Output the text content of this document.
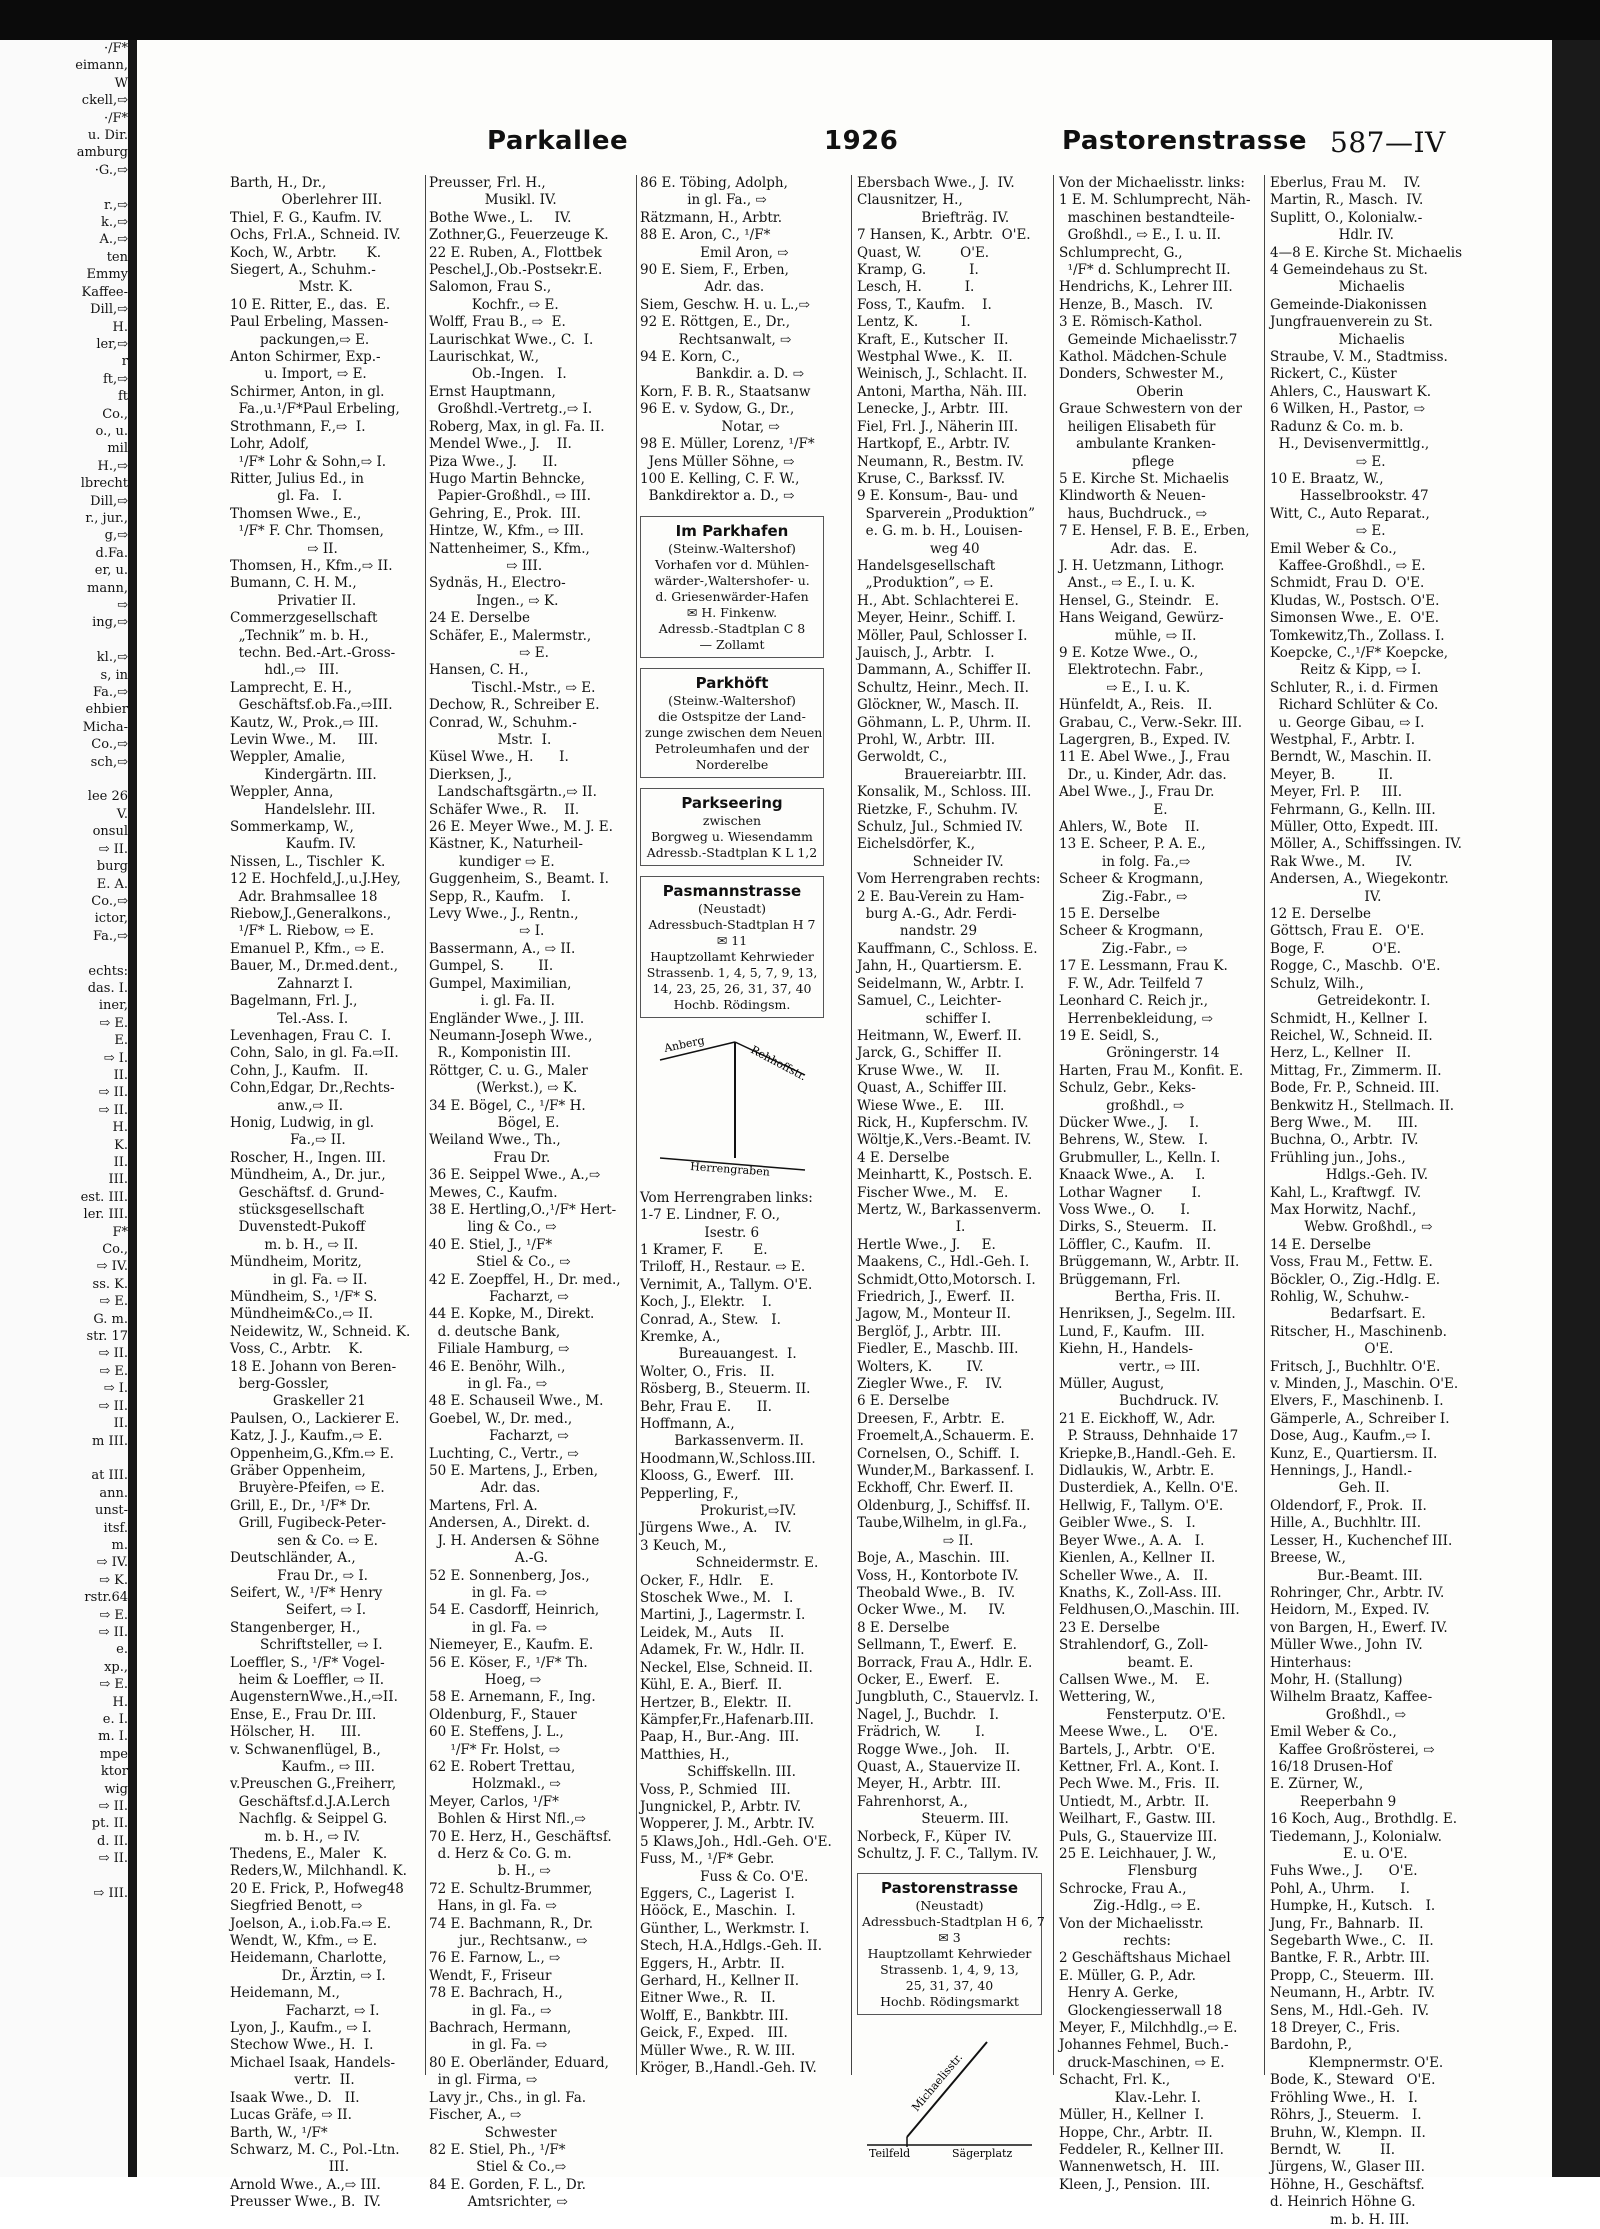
·/F*
eimann,
W
ckell,⇨
·/F*
u. Dir.
amburg
·G.,⇨

r.,⇨
k.,⇨
A.,⇨
ten
Emmy
Kaffee-
Dill,⇨
H.
ler,⇨
r
ft,⇨
ft
Co.,
o., u.
mil
H.,⇨
lbrecht
Dill,⇨
r., jur.,
g,⇨
d.Fa.
er, u.
mann,
⇨
ing,⇨

kl.,⇨
s, in
Fa.,⇨
ehbier
Micha-
Co.,⇨
sch,⇨

lee 26
V.
onsul
⇨ II.
burg
E. A.
Co.,⇨
ictor,
Fa.,⇨

echts:
das. I.
iner,
⇨ E.
E.
⇨ I.
II.
⇨ II.
⇨ II.
H.
K.
II.
III.
est. III.
ler. III.
F*
Co.,
⇨ IV.
ss. K.
⇨ E.
G. m.
str. 17
⇨ II.
⇨ E.
⇨ I.
⇨ II.
II.
m III.

at III.
ann.
unst-
itsf.
m.
⇨ IV.
⇨ K.
rstr.64
⇨ E.
⇨ II.
e.
xp.,
⇨ E.
H.
e. I.
m. I.
mpe
ktor
wig
⇨ II.
pt. II.
d. II.
⇨ II.

⇨ III.
Parkallee	1926	Pastorenstrasse 587—IV
Barth, H., Dr.,
Oberlehrer III.
Thiel, F. G., Kaufm. IV.
Ochs, Frl.A., Schneid. IV.
Koch, W., Arbtr.       K.
Siegert, A., Schuhm.-
Mstr. K.
10 E. Ritter, E., das.  E.
Paul Erbeling, Massen-
packungen,⇨ E.
Anton Schirmer, Exp.-
u. Import, ⇨ E.
Schirmer, Anton, in gl.
Fa.,u.¹/F*Paul Erbeling,
Strothmann, F.,⇨  I.
Lohr, Adolf,
¹/F* Lohr & Sohn,⇨ I.
Ritter, Julius Ed., in
gl. Fa.   I.
Thomsen Wwe., E.,
¹/F* F. Chr. Thomsen,
⇨ II.
Thomsen, H., Kfm.,⇨ II.
Bumann, C. H. M.,
Privatier II.
Commerzgesellschaft
„Technik” m. b. H.,
techn. Bed.-Art.-Gross-
hdl.,⇨   III.
Lamprecht, E. H.,
Geschäftsf.ob.Fa.,⇨III.
Kautz, W., Prok.,⇨ III.
Levin Wwe., M.     III.
Weppler, Amalie,
Kindergärtn. III.
Weppler, Anna,
Handelslehr. III.
Sommerkamp, W.,
Kaufm. IV.
Nissen, L., Tischler  K.
12 E. Hochfeld,J.,u.J.Hey,
Adr. Brahmsallee 18
Riebow,J.,Generalkons.,
¹/F* L. Riebow, ⇨ E.
Emanuel P., Kfm., ⇨ E.
Bauer, M., Dr.med.dent.,
Zahnarzt I.
Bagelmann, Frl. J.,
Tel.-Ass. I.
Levenhagen, Frau C.  I.
Cohn, Salo, in gl. Fa.⇨II.
Cohn, J., Kaufm.   II.
Cohn,Edgar, Dr.,Rechts-
anw.,⇨ II.
Honig, Ludwig, in gl.
Fa.,⇨ II.
Roscher, H., Ingen. III.
Mündheim, A., Dr. jur.,
Geschäftsf. d. Grund-
stücksgesellschaft
Duvenstedt-Pukoff
m. b. H., ⇨ II.
Mündheim, Moritz,
in gl. Fa. ⇨ II.
Mündheim, S., ¹/F* S.
Mündheim&Co.,⇨ II.
Neidewitz, W., Schneid. K.
Voss, C., Arbtr.    K.
18 E. Johann von Beren-
berg-Gossler,
Graskeller 21
Paulsen, O., Lackierer E.
Katz, J. J., Kaufm.,⇨ E.
Oppenheim,G.,Kfm.⇨ E.
Gräber Oppenheim,
Bruyère-Pfeifen, ⇨ E.
Grill, E., Dr., ¹/F* Dr.
Grill, Fugibeck-Peter-
sen & Co. ⇨ E.
Deutschländer, A.,
Frau Dr., ⇨ I.
Seifert, W., ¹/F* Henry
Seifert, ⇨ I.
Stangenberger, H.,
Schriftsteller, ⇨ I.
Loeffler, S., ¹/F* Vogel-
heim & Loeffler, ⇨ II.
AugensternWwe.,H.,⇨II.
Ense, E., Frau Dr. III.
Hölscher, H.      III.
v. Schwanenflügel, B.,
Kaufm., ⇨ III.
v.Preuschen G.,Freiherr,
Geschäftsf.d.J.A.Lerch
Nachflg. & Seippel G.
m. b. H., ⇨ IV.
Thedens, E., Maler   K.
Reders,W., Milchhandl. K.
20 E. Frick, P., Hofweg48
Siegfried Benott, ⇨
Joelson, A., i.ob.Fa.⇨ E.
Wendt, W., Kfm., ⇨ E.
Heidemann, Charlotte,
Dr., Ärztin, ⇨ I.
Heidemann, M.,
Facharzt, ⇨ I.
Lyon, J., Kaufm., ⇨ I.
Stechow Wwe., H.  I.
Michael Isaak, Handels-
vertr.  II.
Isaak Wwe., D.   II.
Lucas Gräfe, ⇨ II.
Barth, W., ¹/F*
Schwarz, M. C., Pol.-Ltn.
III.
Arnold Wwe., A.,⇨ III.
Preusser Wwe., B.  IV.
Preusser, Frl. H.,
Musikl. IV.
Bothe Wwe., L.     IV.
Zothner,G., Feuerzeuge K.
22 E. Ruben, A., Flottbek
Peschel,J.,Ob.-Postsekr.E.
Salomon, Frau S.,
Kochfr., ⇨ E.
Wolff, Frau B., ⇨  E.
Laurischkat Wwe., C.  I.
Laurischkat, W.,
Ob.-Ingen.   I.
Ernst Hauptmann,
Großhdl.-Vertretg.,⇨ I.
Roberg, Max, in gl. Fa. II.
Mendel Wwe., J.    II.
Piza Wwe., J.      II.
Hugo Martin Behncke,
Papier-Großhdl., ⇨ III.
Gehring, E., Prok.  III.
Hintze, W., Kfm., ⇨ III.
Nattenheimer, S., Kfm.,
⇨ III.
Sydnäs, H., Electro-
Ingen., ⇨ K.
24 E. Derselbe
Schäfer, E., Malermstr.,
⇨ E.
Hansen, C. H.,
Tischl.-Mstr., ⇨ E.
Dechow, R., Schreiber E.
Conrad, W., Schuhm.-
Mstr.  I.
Küsel Wwe., H.      I.
Dierksen, J.,
Landschaftsgärtn.,⇨ II.
Schäfer Wwe., R.    II.
26 E. Meyer Wwe., M. J. E.
Kästner, K., Naturheil-
kundiger ⇨ E.
Guggenheim, S., Beamt. I.
Sepp, R., Kaufm.    I.
Levy Wwe., J., Rentn.,
⇨ I.
Bassermann, A., ⇨ II.
Gumpel, S.        II.
Gumpel, Maximilian,
i. gl. Fa. II.
Engländer Wwe., J. III.
Neumann-Joseph Wwe.,
R., Komponistin III.
Röttger, C. u. G., Maler
(Werkst.), ⇨ K.
34 E. Bögel, C., ¹/F* H.
Bögel, E.
Weiland Wwe., Th.,
Frau Dr.
36 E. Seippel Wwe., A.,⇨
Mewes, C., Kaufm.
38 E. Hertling,O.,¹/F* Hert-
ling & Co., ⇨
40 E. Stiel, J., ¹/F*
Stiel & Co., ⇨
42 E. Zoepffel, H., Dr. med.,
Facharzt, ⇨
44 E. Kopke, M., Direkt.
d. deutsche Bank,
Filiale Hamburg, ⇨
46 E. Benöhr, Wilh.,
in gl. Fa., ⇨
48 E. Schauseil Wwe., M.
Goebel, W., Dr. med.,
Facharzt, ⇨
Luchting, C., Vertr., ⇨
50 E. Martens, J., Erben,
Adr. das.
Martens, Frl. A.
Andersen, A., Direkt. d.
J. H. Andersen & Söhne
A.-G.
52 E. Sonnenberg, Jos.,
in gl. Fa. ⇨
54 E. Casdorff, Heinrich,
in gl. Fa. ⇨
Niemeyer, E., Kaufm. E.
56 E. Köser, F., ¹/F* Th.
Hoeg, ⇨
58 E. Arnemann, F., Ing.
Oldenburg, F., Stauer
60 E. Steffens, J. L.,
¹/F* Fr. Holst, ⇨
62 E. Robert Trettau,
Holzmakl., ⇨
Meyer, Carlos, ¹/F*
Bohlen & Hirst Nfl.,⇨
70 E. Herz, H., Geschäftsf.
d. Herz & Co. G. m.
b. H., ⇨
72 E. Schultz-Brummer,
Hans, in gl. Fa. ⇨
74 E. Bachmann, R., Dr.
jur., Rechtsanw., ⇨
76 E. Farnow, L., ⇨
Wendt, F., Friseur
78 E. Bachrach, H.,
in gl. Fa., ⇨
Bachrach, Hermann,
in gl. Fa. ⇨
80 E. Oberländer, Eduard,
in gl. Firma, ⇨
Lavy jr., Chs., in gl. Fa.
Fischer, A., ⇨
Schwester
82 E. Stiel, Ph., ¹/F*
Stiel & Co.,⇨
84 E. Gorden, F. L., Dr.
Amtsrichter, ⇨
86 E. Töbing, Adolph,
in gl. Fa., ⇨
Rätzmann, H., Arbtr.
88 E. Aron, C., ¹/F*
Emil Aron, ⇨
90 E. Siem, F., Erben,
Adr. das.
Siem, Geschw. H. u. L.,⇨
92 E. Röttgen, E., Dr.,
Rechtsanwalt, ⇨
94 E. Korn, C.,
Bankdir. a. D. ⇨
Korn, F. B. R., Staatsanw
96 E. v. Sydow, G., Dr.,
Notar, ⇨
98 E. Müller, Lorenz, ¹/F*
Jens Müller Söhne, ⇨
100 E. Kelling, C. F. W.,
Bankdirektor a. D., ⇨
Im Parkhafen
(Steinw.-Waltershof)
Vorhafen vor d. Mühlen-
wärder-,Waltershofer- u.
d. Griesenwärder-Hafen
✉ H. Finkenw.
Adressb.-Stadtplan C 8
— Zollamt
Parkhöft
(Steinw.-Waltershof)
die Ostspitze der Land-
zunge zwischen dem Neuen
Petroleumhafen und der
Norderelbe
Parkseering
zwischen
Borgweg u. Wiesendamm
Adressb.-Stadtplan K L 1,2
Pasmannstrasse
(Neustadt)
Adressbuch-Stadtplan H 7
✉ 11
Hauptzollamt Kehrwieder
Strassenb. 1, 4, 5, 7, 9, 13,
14, 23, 25, 26, 31, 37, 40
Hochb. Rödingsm.
Anberg	Rehhoffstr.
Herrengraben
Vom Herrengraben links:
1-7 E. Lindner, F. O.,
Isestr. 6
1 Kramer, F.       E.
Triloff, H., Restaur. ⇨ E.
Vernimit, A., Tallym. O'E.
Koch, J., Elektr.    I.
Conrad, A., Stew.   I.
Kremke, A.,
Bureauangest.  I.
Wolter, O., Fris.   II.
Rösberg, B., Steuerm. II.
Behr, Frau E.      II.
Hoffmann, A.,
Barkassenverm. II.
Hoodmann,W.,Schloss.III.
Klooss, G., Ewerf.   III.
Pepperling, F.,
Prokurist,⇨IV.
Jürgens Wwe., A.    IV.
3 Keuch, M.,
Schneidermstr. E.
Ocker, F., Hdlr.    E.
Stoschek Wwe., M.   I.
Martini, J., Lagermstr. I.
Leidek, M., Auts    II.
Adamek, Fr. W., Hdlr. II.
Neckel, Else, Schneid. II.
Kühl, E. A., Bierf.  II.
Hertzer, B., Elektr.  II.
Kämpfer,Fr.,Hafenarb.III.
Paap, H., Bur.-Ang.  III.
Matthies, H.,
Schiffskelln. III.
Voss, P., Schmied   III.
Jungnickel, P., Arbtr. IV.
Wopperer, J. M., Arbtr. IV.
5 Klaws,Joh., Hdl.-Geh. O'E.
Fuss, M., ¹/F* Gebr.
Fuss & Co. O'E.
Eggers, C., Lagerist  I.
Hööck, E., Maschin.  I.
Günther, L., Werkmstr. I.
Stech, H.A.,Hdlgs.-Geh. II.
Eggers, H., Arbtr.  II.
Gerhard, H., Kellner II.
Eitner Wwe., R.   II.
Wolff, E., Bankbtr. III.
Geick, F., Exped.   III.
Müller Wwe., R. W. III.
Kröger, B.,Handl.-Geh. IV.
Ebersbach Wwe., J.  IV.
Clausnitzer, H.,
Briefträg. IV.
7 Hansen, K., Arbtr.  O'E.
Quast, W.         O'E.
Kramp, G.          I.
Lesch, H.          I.
Foss, T., Kaufm.    I.
Lentz, K.          I.
Kraft, E., Kutscher  II.
Westphal Wwe., K.   II.
Weinisch, J., Schlacht. II.
Antoni, Martha, Näh. III.
Lenecke, J., Arbtr.  III.
Fiel, Frl. J., Näherin III.
Hartkopf, E., Arbtr. IV.
Neumann, R., Bestm. IV.
Kruse, C., Barkssf. IV.
9 E. Konsum-, Bau- und
Sparverein „Produktion”
e. G. m. b. H., Louisen-
weg 40
Handelsgesellschaft
„Produktion”, ⇨ E.
H., Abt. Schlachterei E.
Meyer, Heinr., Schiff. I.
Möller, Paul, Schlosser I.
Jauisch, J., Arbtr.   I.
Dammann, A., Schiffer II.
Schultz, Heinr., Mech. II.
Glöckner, W., Masch. II.
Göhmann, L. P., Uhrm. II.
Prohl, W., Arbtr.  III.
Gerwoldt, C.,
Brauereiarbtr. III.
Konsalik, M., Schloss. III.
Rietzke, F., Schuhm. IV.
Schulz, Jul., Schmied IV.
Eichelsdörfer, K.,
Schneider IV.
Vom Herrengraben rechts:
2 E. Bau-Verein zu Ham-
burg A.-G., Adr. Ferdi-
nandstr. 29
Kauffmann, C., Schloss. E.
Jahn, H., Quartiersm. E.
Seidelmann, W., Arbtr. I.
Samuel, C., Leichter-
schiffer I.
Heitmann, W., Ewerf. II.
Jarck, G., Schiffer  II.
Kruse Wwe., W.     II.
Quast, A., Schiffer III.
Wiese Wwe., E.     III.
Rick, H., Kupferschm. IV.
Wöltje,K.,Vers.-Beamt. IV.
4 E. Derselbe
Meinhartt, K., Postsch. E.
Fischer Wwe., M.    E.
Mertz, W., Barkassenverm.
I.
Hertle Wwe., J.     E.
Maakens, C., Hdl.-Geh. I.
Schmidt,Otto,Motorsch. I.
Friedrich, J., Ewerf.  II.
Jagow, M., Monteur II.
Berglöf, J., Arbtr.  III.
Fiedler, E., Maschb. III.
Wolters, K.        IV.
Ziegler Wwe., F.    IV.
6 E. Derselbe
Dreesen, F., Arbtr.  E.
Froemelt,A.,Schauerm. E.
Cornelsen, O., Schiff.  I.
Wunder,M., Barkassenf. I.
Eckhoff, Chr. Ewerf. II.
Oldenburg, J., Schiffsf. II.
Taube,Wilhelm, in gl.Fa.,
⇨ II.
Boje, A., Maschin.  III.
Voss, H., Kontorbote IV.
Theobald Wwe., B.   IV.
Ocker Wwe., M.     IV.
8 E. Derselbe
Sellmann, T., Ewerf.  E.
Borrack, Frau A., Hdlr. E.
Ocker, E., Ewerf.   E.
Jungbluth, C., Stauervlz. I.
Nagel, J., Buchdr.   I.
Frädrich, W.        I.
Rogge Wwe., Joh.    II.
Quast, A., Stauervize II.
Meyer, H., Arbtr.  III.
Fahrenhorst, A.,
Steuerm. III.
Norbeck, F., Küper  IV.
Schultz, J. F. C., Tallym. IV.
Pastorenstrasse
(Neustadt)
Adressbuch-Stadtplan H 6, 7
✉ 3
Hauptzollamt Kehrwieder
Strassenb. 1, 4, 9, 13,
25, 31, 37, 40
Hochb. Rödingsmarkt
Michaelisstr.
Teilfeld	Sägerplatz
Von der Michaelisstr. links:
1 E. M. Schlumprecht, Näh-
maschinen bestandteile-
Großhdl., ⇨ E., I. u. II.
Schlumprecht, G.,
¹/F* d. Schlumprecht II.
Hendrichs, K., Lehrer III.
Henze, B., Masch.   IV.
3 E. Römisch-Kathol.
Gemeinde Michaelisstr.7
Kathol. Mädchen-Schule
Donders, Schwester M.,
Oberin
Graue Schwestern von der
heiligen Elisabeth für
ambulante Kranken-
pflege
5 E. Kirche St. Michaelis
Klindworth & Neuen-
haus, Buchdruck., ⇨
7 E. Hensel, F. B. E., Erben,
Adr. das.   E.
J. H. Uetzmann, Lithogr.
Anst., ⇨ E., I. u. K.
Hensel, G., Steindr.   E.
Hans Weigand, Gewürz-
mühle, ⇨ II.
9 E. Kotze Wwe., O.,
Elektrotechn. Fabr.,
⇨ E., I. u. K.
Hünfeldt, A., Reis.   II.
Grabau, C., Verw.-Sekr. III.
Lagergren, B., Exped. IV.
11 E. Abel Wwe., J., Frau
Dr., u. Kinder, Adr. das.
Abel Wwe., J., Frau Dr.
E.
Ahlers, W., Bote    II.
13 E. Scheer, P. A. E.,
in folg. Fa.,⇨
Scheer & Krogmann,
Zig.-Fabr., ⇨
15 E. Derselbe
Scheer & Krogmann,
Zig.-Fabr., ⇨
17 E. Lessmann, Frau K.
F. W., Adr. Teilfeld 7
Leonhard C. Reich jr.,
Herrenbekleidung, ⇨
19 E. Seidl, S.,
Gröningerstr. 14
Harten, Frau M., Konfit. E.
Schulz, Gebr., Keks-
großhdl., ⇨
Dücker Wwe., J.     I.
Behrens, W., Stew.   I.
Grubmuller, L., Kelln. I.
Knaack Wwe., A.     I.
Lothar Wagner       I.
Voss Wwe., O.      I.
Dirks, S., Steuerm.   II.
Löffler, C., Kaufm.   II.
Brüggemann, W., Arbtr. II.
Brüggemann, Frl.
Bertha, Fris. II.
Henriksen, J., Segelm. III.
Lund, F., Kaufm.   III.
Kiehn, H., Handels-
vertr., ⇨ III.
Müller, August,
Buchdruck. IV.
21 E. Eickhoff, W., Adr.
P. Strauss, Dehnhaide 17
Kriepke,B.,Handl.-Geh. E.
Didlaukis, W., Arbtr. E.
Dusterdiek, A., Kelln. O'E.
Hellwig, F., Tallym. O'E.
Geibler Wwe., S.   I.
Beyer Wwe., A. A.   I.
Kienlen, A., Kellner  II.
Scheller Wwe., A.   II.
Knaths, K., Zoll-Ass. III.
Feldhusen,O.,Maschin. III.
23 E. Derselbe
Strahlendorf, G., Zoll-
beamt. E.
Callsen Wwe., M.    E.
Wettering, W.,
Fensterputz. O'E.
Meese Wwe., L.     O'E.
Bartels, J., Arbtr.   O'E.
Kettner, Frl. A., Kont. I.
Pech Wwe. M., Fris.  II.
Untiedt, M., Arbtr.  II.
Weilhart, F., Gastw. III.
Puls, G., Stauervize III.
25 E. Leichhauer, J. W.,
Flensburg
Schrocke, Frau A.,
Zig.-Hdlg., ⇨ E.
Von der Michaelisstr.
rechts:
2 Geschäftshaus Michael
E. Müller, G. P., Adr.
Henry A. Gerke,
Glockengiesserwall 18
Meyer, F., Milchhdlg.,⇨ E.
Johannes Fehmel, Buch.-
druck-Maschinen, ⇨ E.
Schacht, Frl. K.,
Klav.-Lehr. I.
Müller, H., Kellner  I.
Hoppe, Chr., Arbtr.  II.
Feddeler, R., Kellner III.
Wannenwetsch, H.   III.
Kleen, J., Pension.  III.
Eberlus, Frau M.    IV.
Martin, R., Masch.  IV.
Suplitt, O., Kolonialw.-
Hdlr. IV.
4—8 E. Kirche St. Michaelis
4 Gemeindehaus zu St.
Michaelis
Gemeinde-Diakonissen
Jungfrauenverein zu St.
Michaelis
Straube, V. M., Stadtmiss.
Rickert, C., Küster
Ahlers, C., Hauswart K.
6 Wilken, H., Pastor, ⇨
Radunz & Co. m. b.
H., Devisenvermittlg.,
⇨ E.
10 E. Braatz, W.,
Hasselbrookstr. 47
Witt, C., Auto Reparat.,
⇨ E.
Emil Weber & Co.,
Kaffee-Großhdl., ⇨ E.
Schmidt, Frau D.  O'E.
Kludas, W., Postsch. O'E.
Simonsen Wwe., E.  O'E.
Tomkewitz,Th., Zollass. I.
Koepcke, C.,¹/F* Koepcke,
Reitz & Kipp, ⇨ I.
Schluter, R., i. d. Firmen
Richard Schlüter & Co.
u. George Gibau, ⇨ I.
Westphal, F., Arbtr. I.
Berndt, W., Maschin. II.
Meyer, B.          II.
Meyer, Frl. P.     III.
Fehrmann, G., Kelln. III.
Müller, Otto, Expedt. III.
Möller, A., Schiffssingen. IV.
Rak Wwe., M.       IV.
Andersen, A., Wiegekontr.
IV.
12 E. Derselbe
Göttsch, Frau E.   O'E.
Boge, F.           O'E.
Rogge, C., Maschb.  O'E.
Schulz, Wilh.,
Getreidekontr. I.
Schmidt, H., Kellner  I.
Reichel, W., Schneid. II.
Herz, L., Kellner   II.
Mittag, Fr., Zimmerm. II.
Bode, Fr. P., Schneid. III.
Benkwitz H., Stellmach. II.
Berg Wwe., M.      III.
Buchna, O., Arbtr.  IV.
Frühling jun., Johs.,
Hdlgs.-Geh. IV.
Kahl, L., Kraftwgf.  IV.
Max Horwitz, Nachf.,
Webw. Großhdl., ⇨
14 E. Derselbe
Voss, Frau M., Fettw. E.
Böckler, O., Zig.-Hdlg. E.
Rohlig, W., Schuhw.-
Bedarfsart. E.
Ritscher, H., Maschinenb.
O'E.
Fritsch, J., Buchhltr. O'E.
v. Minden, J., Maschin. O'E.
Elvers, F., Maschinenb. I.
Gämperle, A., Schreiber I.
Dose, Aug., Kaufm.,⇨ I.
Kunz, E., Quartiersm. II.
Hennings, J., Handl.-
Geh. II.
Oldendorf, F., Prok.  II.
Hille, A., Buchhltr. III.
Lesser, H., Kuchenchef III.
Breese, W.,
Bur.-Beamt. III.
Rohringer, Chr., Arbtr. IV.
Heidorn, M., Exped. IV.
von Bargen, H., Ewerf. IV.
Müller Wwe., John  IV.
Hinterhaus:
Mohr, H. (Stallung)
Wilhelm Braatz, Kaffee-
Großhdl., ⇨
Emil Weber & Co.,
Kaffee Großrösterei, ⇨
16/18 Drusen-Hof
E. Zürner, W.,
Reeperbahn 9
16 Koch, Aug., Brothdlg. E.
Tiedemann, J., Kolonialw.
E. u. O'E.
Fuhs Wwe., J.      O'E.
Pohl, A., Uhrm.      I.
Humpke, H., Kutsch.   I.
Jung, Fr., Bahnarb.  II.
Segebarth Wwe., C.   II.
Bantke, F. R., Arbtr. III.
Propp, C., Steuerm.  III.
Neumann, H., Arbtr.  IV.
Sens, M., Hdl.-Geh.  IV.
18 Dreyer, C., Fris.
Bardohn, P.,
Klempnermstr. O'E.
Bode, K., Steward   O'E.
Fröhling Wwe., H.   I.
Röhrs, J., Steuerm.   I.
Bruhn, W., Klempn.  II.
Berndt, W.         II.
Jürgens, W., Glaser III.
Höhne, H., Geschäftsf.
d. Heinrich Höhne G.
m. b. H. III.
